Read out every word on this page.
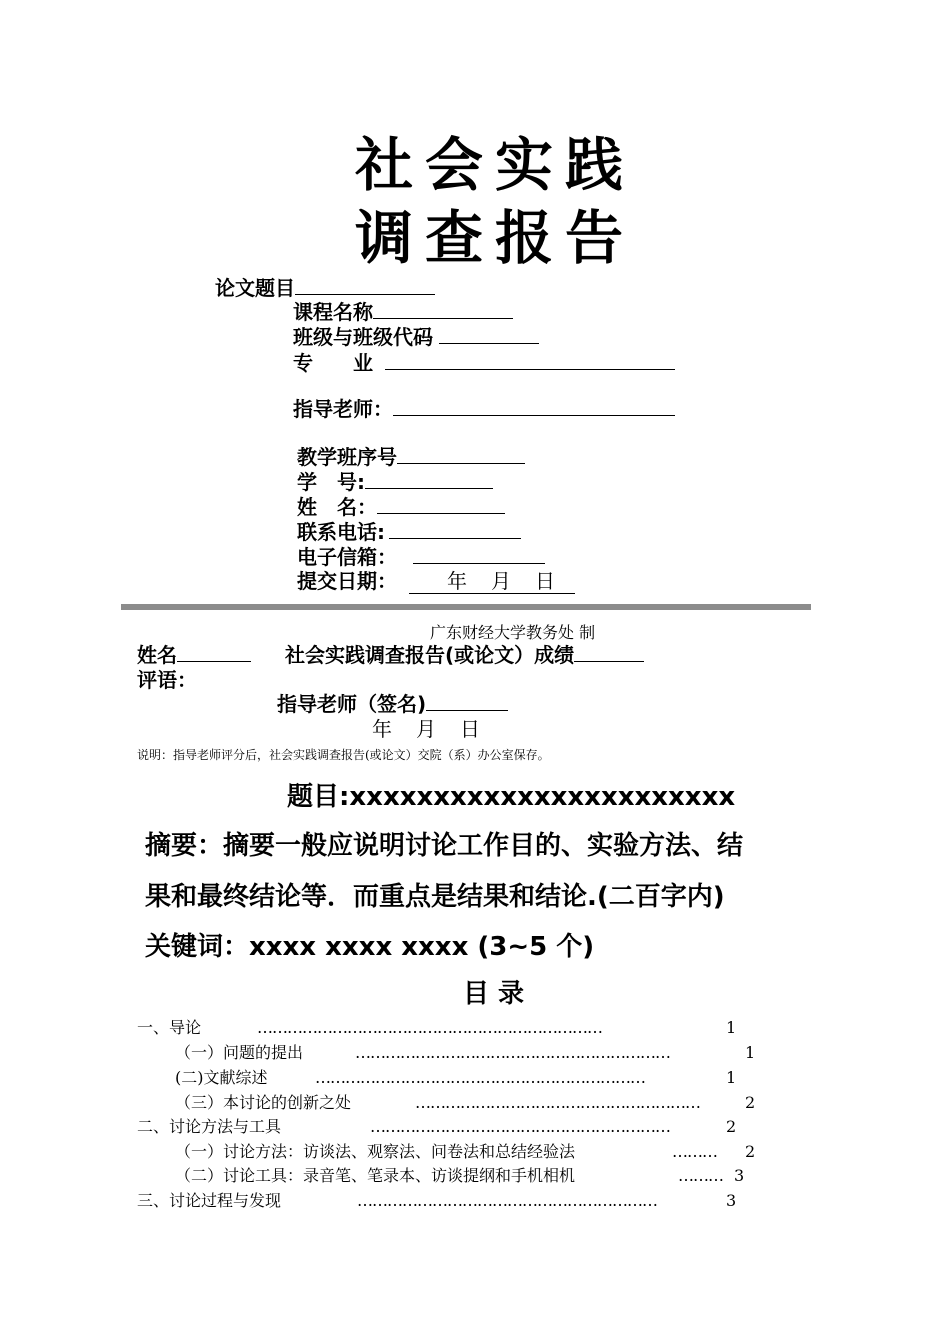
社会实践
调查报告
论文题目
课程名称
班级与班级代码
专　　业
指导老师：
教学班序号
学　号:
姓　名：
联系电话:
电子信箱：
提交日期：	年 月 日
广东财经大学教务处 制
姓名	社会实践调查报告(或论文）成绩
评语：
指导老师（签名)
年 月 日
说明：指导老师评分后，社会实践调查报告(或论文）交院（系）办公室保存。
题目:xxxxxxxxxxxxxxxxxxxxxxx
摘要：摘要一般应说明讨论工作目的、实验方法、结
果和最终结论等．而重点是结果和结论.(二百字内)
关键词：xxxx xxxx xxxx (3~5 个)
目 录
一、导论	……………………………………………………………	1
（一）问题的提出	………………………………………………………	1
(二)文献综述	…………………………………………………………	1
（三）本讨论的创新之处	…………………………………………………	2
二、讨论方法与工具	……………………………………………………	2
（一）讨论方法：访谈法、观察法、问卷法和总结经验法	……… 2
（二）讨论工具：录音笔、笔录本、访谈提纲和手机相机	……… 3
三、讨论过程与发现	……………………………………………………	3
